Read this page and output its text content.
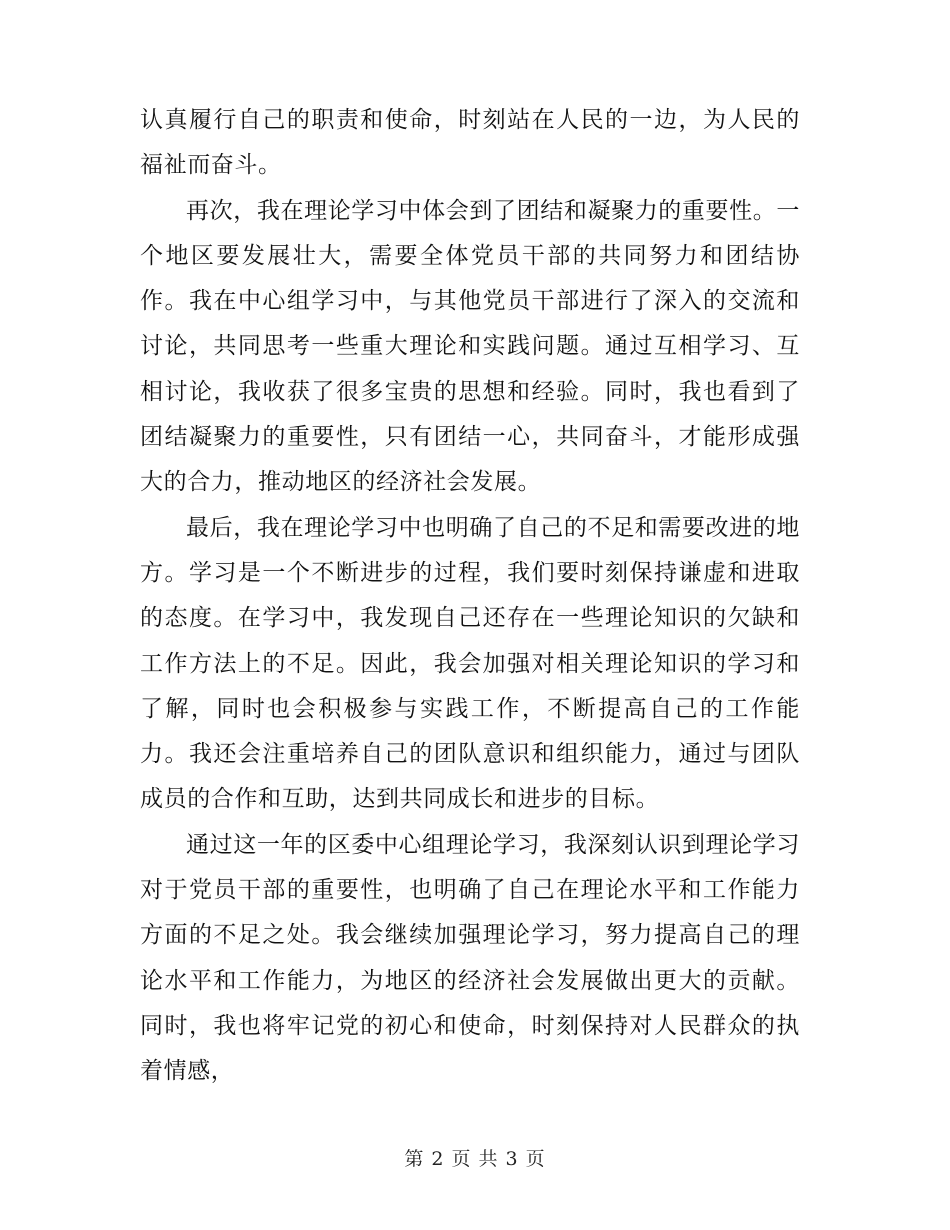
认真履行自己的职责和使命，时刻站在人民的一边，为人民的福祉而奋斗。

再次，我在理论学习中体会到了团结和凝聚力的重要性。一个地区要发展壮大，需要全体党员干部的共同努力和团结协作。我在中心组学习中，与其他党员干部进行了深入的交流和讨论，共同思考一些重大理论和实践问题。通过互相学习、互相讨论，我收获了很多宝贵的思想和经验。同时，我也看到了团结凝聚力的重要性，只有团结一心，共同奋斗，才能形成强大的合力，推动地区的经济社会发展。

最后，我在理论学习中也明确了自己的不足和需要改进的地方。学习是一个不断进步的过程，我们要时刻保持谦虚和进取的态度。在学习中，我发现自己还存在一些理论知识的欠缺和工作方法上的不足。因此，我会加强对相关理论知识的学习和了解，同时也会积极参与实践工作，不断提高自己的工作能力。我还会注重培养自己的团队意识和组织能力，通过与团队成员的合作和互助，达到共同成长和进步的目标。

通过这一年的区委中心组理论学习，我深刻认识到理论学习对于党员干部的重要性，也明确了自己在理论水平和工作能力方面的不足之处。我会继续加强理论学习，努力提高自己的理论水平和工作能力，为地区的经济社会发展做出更大的贡献。同时，我也将牢记党的初心和使命，时刻保持对人民群众的执着情感，

第 2 页 共 3 页
